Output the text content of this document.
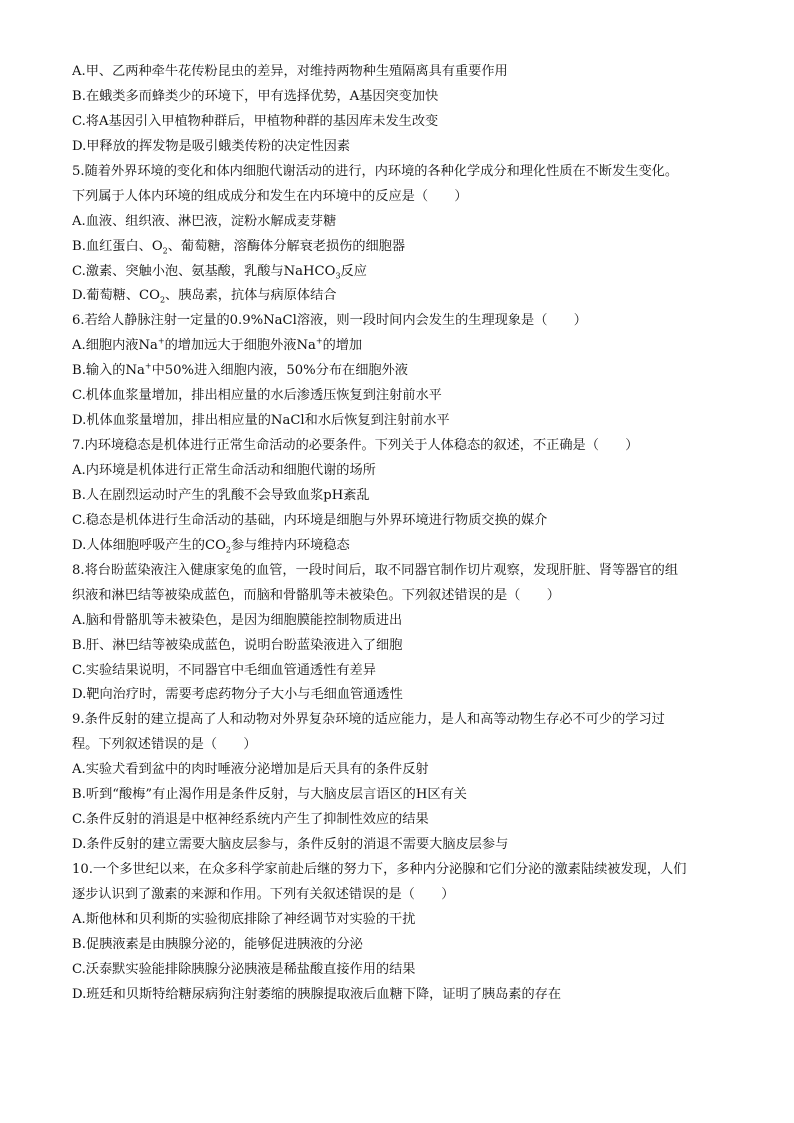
A.甲、乙两种牵牛花传粉昆虫的差异，对维持两物种生殖隔离具有重要作用
B.在蛾类多而蜂类少的环境下，甲有选择优势，A基因突变加快
C.将A基因引入甲植物种群后，甲植物种群的基因库未发生改变
D.甲释放的挥发物是吸引蛾类传粉的决定性因素
5.随着外界环境的变化和体内细胞代谢活动的进行，内环境的各种化学成分和理化性质在不断发生变化。
下列属于人体内环境的组成成分和发生在内环境中的反应是（　　）
A.血液、组织液、淋巴液，淀粉水解成麦芽糖
B.血红蛋白、$O_2$、葡萄糖，溶酶体分解衰老损伤的细胞器
C.激素、突触小泡、氨基酸，乳酸与NaHCO$_3$反应
D.葡萄糖、$CO_2$、胰岛素，抗体与病原体结合
6.若给人静脉注射一定量的0.9%NaCl溶液，则一段时间内会发生的生理现象是（　　）
A.细胞内液Na+的增加远大于细胞外液Na+的增加
B.输入的Na+中50%进入细胞内液，50%分布在细胞外液
C.机体血浆量增加，排出相应量的水后渗透压恢复到注射前水平
D.机体血浆量增加，排出相应量的NaCl和水后恢复到注射前水平
7.内环境稳态是机体进行正常生命活动的必要条件。下列关于人体稳态的叙述，不正确是（　　）
A.内环境是机体进行正常生命活动和细胞代谢的场所
B.人在剧烈运动时产生的乳酸不会导致血浆pH紊乱
C.稳态是机体进行生命活动的基础，内环境是细胞与外界环境进行物质交换的媒介
D.人体细胞呼吸产生的$CO_2$参与维持内环境稳态
8.将台盼蓝染液注入健康家兔的血管，一段时间后，取不同器官制作切片观察，发现肝脏、肾等器官的组
织液和淋巴结等被染成蓝色，而脑和骨骼肌等未被染色。下列叙述错误的是（　　）
A.脑和骨骼肌等未被染色，是因为细胞膜能控制物质进出
B.肝、淋巴结等被染成蓝色，说明台盼蓝染液进入了细胞
C.实验结果说明，不同器官中毛细血管通透性有差异
D.靶向治疗时，需要考虑药物分子大小与毛细血管通透性
9.条件反射的建立提高了人和动物对外界复杂环境的适应能力，是人和高等动物生存必不可少的学习过
程。下列叙述错误的是（　　）
A.实验犬看到盆中的肉时唾液分泌增加是后天具有的条件反射
B.听到“酸梅”有止渴作用是条件反射，与大脑皮层言语区的H区有关
C.条件反射的消退是中枢神经系统内产生了抑制性效应的结果
D.条件反射的建立需要大脑皮层参与，条件反射的消退不需要大脑皮层参与
10.一个多世纪以来，在众多科学家前赴后继的努力下，多种内分泌腺和它们分泌的激素陆续被发现，人们
逐步认识到了激素的来源和作用。下列有关叙述错误的是（　　）
A.斯他林和贝利斯的实验彻底排除了神经调节对实验的干扰
B.促胰液素是由胰腺分泌的，能够促进胰液的分泌
C.沃泰默实验能排除胰腺分泌胰液是稀盐酸直接作用的结果
D.班廷和贝斯特给糖尿病狗注射萎缩的胰腺提取液后血糖下降，证明了胰岛素的存在
